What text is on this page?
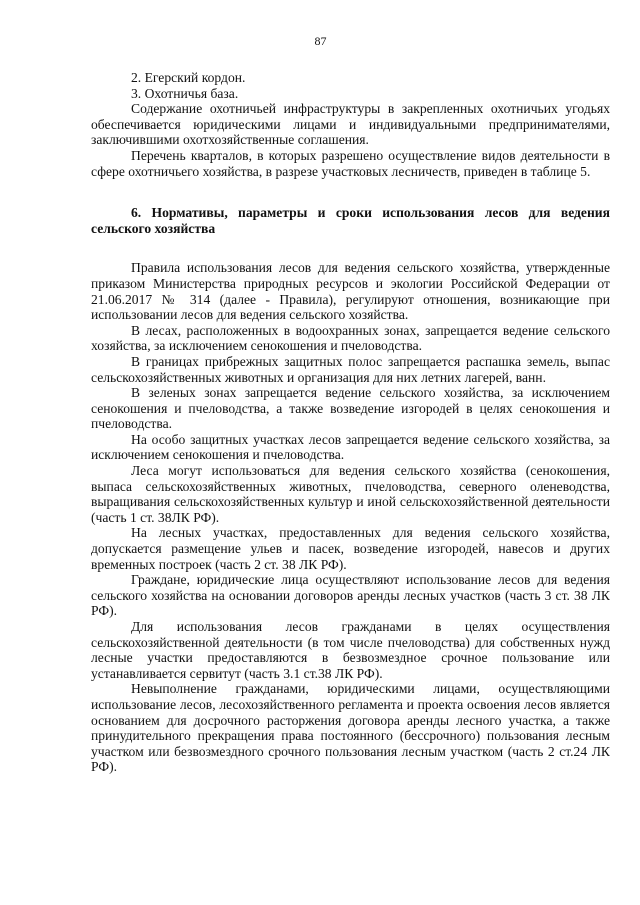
87

2. Егерский кордон.

3. Охотничья база.

Содержание охотничьей инфраструктуры в закрепленных охотничьих угодьях обеспечивается юридическими лицами и индивидуальными предпринимателями, заключившими охотхозяйственные соглашения.

Перечень кварталов, в которых разрешено осуществление видов деятельности в сфере охотничьего хозяйства, в разрезе участковых лесничеств, приведен в таблице 5.

6. Нормативы, параметры и сроки использования лесов для ведения сельского хозяйства

Правила использования лесов для ведения сельского хозяйства, утвержденные приказом Министерства природных ресурсов и экологии Российской Федерации от 21.06.2017 № 314 (далее - Правила), регулируют отношения, возникающие при использовании лесов для ведения сельского хозяйства.

В лесах, расположенных в водоохранных зонах, запрещается ведение сельского хозяйства, за исключением сенокошения и пчеловодства.

В границах прибрежных защитных полос запрещается распашка земель, выпас сельскохозяйственных животных и организация для них летних лагерей, ванн.

В зеленых зонах запрещается ведение сельского хозяйства, за исключением сенокошения и пчеловодства, а также возведение изгородей в целях сенокошения и пчеловодства.

На особо защитных участках лесов запрещается ведение сельского хозяйства, за исключением сенокошения и пчеловодства.

Леса могут использоваться для ведения сельского хозяйства (сенокошения, выпаса сельскохозяйственных животных, пчеловодства, северного оленеводства, выращивания сельскохозяйственных культур и иной сельскохозяйственной деятельности (часть 1 ст. 38ЛК РФ).

На лесных участках, предоставленных для ведения сельского хозяйства, допускается размещение ульев и пасек, возведение изгородей, навесов и других временных построек (часть 2 ст. 38 ЛК РФ).

Граждане, юридические лица осуществляют использование лесов для ведения сельского хозяйства на основании договоров аренды лесных участков (часть 3 ст. 38 ЛК РФ).

Для использования лесов гражданами в целях осуществления сельскохозяйственной деятельности (в том числе пчеловодства) для собственных нужд лесные участки предоставляются в безвозмездное срочное пользование или устанавливается сервитут (часть 3.1 ст.38 ЛК РФ).

Невыполнение гражданами, юридическими лицами, осуществляющими использование лесов, лесохозяйственного регламента и проекта освоения лесов является основанием для досрочного расторжения договора аренды лесного участка, а также принудительного прекращения права постоянного (бессрочного) пользования лесным участком или безвозмездного срочного пользования лесным участком (часть 2 ст.24 ЛК РФ).
